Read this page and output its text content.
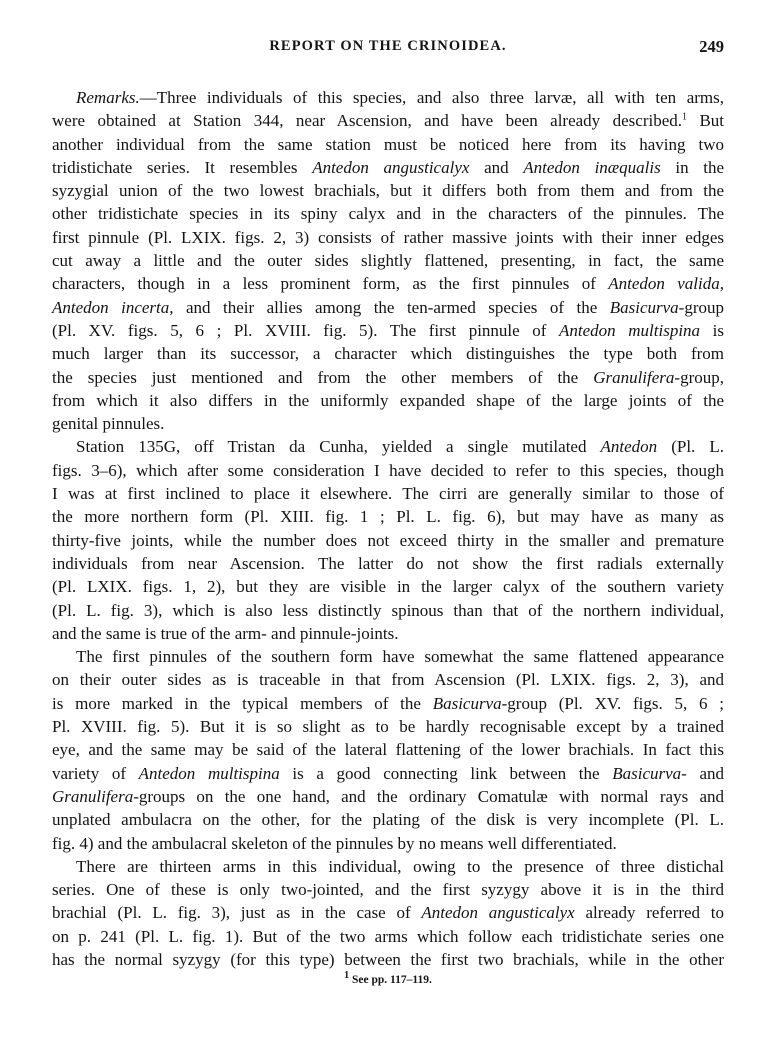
REPORT ON THE CRINOIDEA.	249
Remarks.—Three individuals of this species, and also three larvæ, all with ten arms,
were obtained at Station 344, near Ascension, and have been already described.$^1$ But
another individual from the same station must be noticed here from its having two
tridistichate series. It resembles Antedon angusticalyx and Antedon inæqualis in the
syzygial union of the two lowest brachials, but it differs both from them and from the
other tridistichate species in its spiny calyx and in the characters of the pinnules. The
first pinnule (Pl. LXIX. figs. 2, 3) consists of rather massive joints with their inner edges
cut away a little and the outer sides slightly flattened, presenting, in fact, the same
characters, though in a less prominent form, as the first pinnules of Antedon valida,
Antedon incerta, and their allies among the ten-armed species of the Basicurva-group
(Pl. XV. figs. 5, 6 ; Pl. XVIII. fig. 5). The first pinnule of Antedon multispina is
much larger than its successor, a character which distinguishes the type both from
the species just mentioned and from the other members of the Granulifera-group,
from which it also differs in the uniformly expanded shape of the large joints of the
genital pinnules.
Station 135G, off Tristan da Cunha, yielded a single mutilated Antedon (Pl. L.
figs. 3–6), which after some consideration I have decided to refer to this species, though
I was at first inclined to place it elsewhere. The cirri are generally similar to those of
the more northern form (Pl. XIII. fig. 1 ; Pl. L. fig. 6), but may have as many as
thirty-five joints, while the number does not exceed thirty in the smaller and premature
individuals from near Ascension. The latter do not show the first radials externally
(Pl. LXIX. figs. 1, 2), but they are visible in the larger calyx of the southern variety
(Pl. L. fig. 3), which is also less distinctly spinous than that of the northern individual,
and the same is true of the arm- and pinnule-joints.
The first pinnules of the southern form have somewhat the same flattened appearance
on their outer sides as is traceable in that from Ascension (Pl. LXIX. figs. 2, 3), and
is more marked in the typical members of the Basicurva-group (Pl. XV. figs. 5, 6 ;
Pl. XVIII. fig. 5). But it is so slight as to be hardly recognisable except by a trained
eye, and the same may be said of the lateral flattening of the lower brachials. In fact this
variety of Antedon multispina is a good connecting link between the Basicurva- and
Granulifera-groups on the one hand, and the ordinary Comatulæ with normal rays and
unplated ambulacra on the other, for the plating of the disk is very incomplete (Pl. L.
fig. 4) and the ambulacral skeleton of the pinnules by no means well differentiated.
There are thirteen arms in this individual, owing to the presence of three distichal
series. One of these is only two-jointed, and the first syzygy above it is in the third
brachial (Pl. L. fig. 3), just as in the case of Antedon angusticalyx already referred to
on p. 241 (Pl. L. fig. 1). But of the two arms which follow each tridistichate series one
has the normal syzygy (for this type) between the first two brachials, while in the other
$^1$ See pp. 117–119.
